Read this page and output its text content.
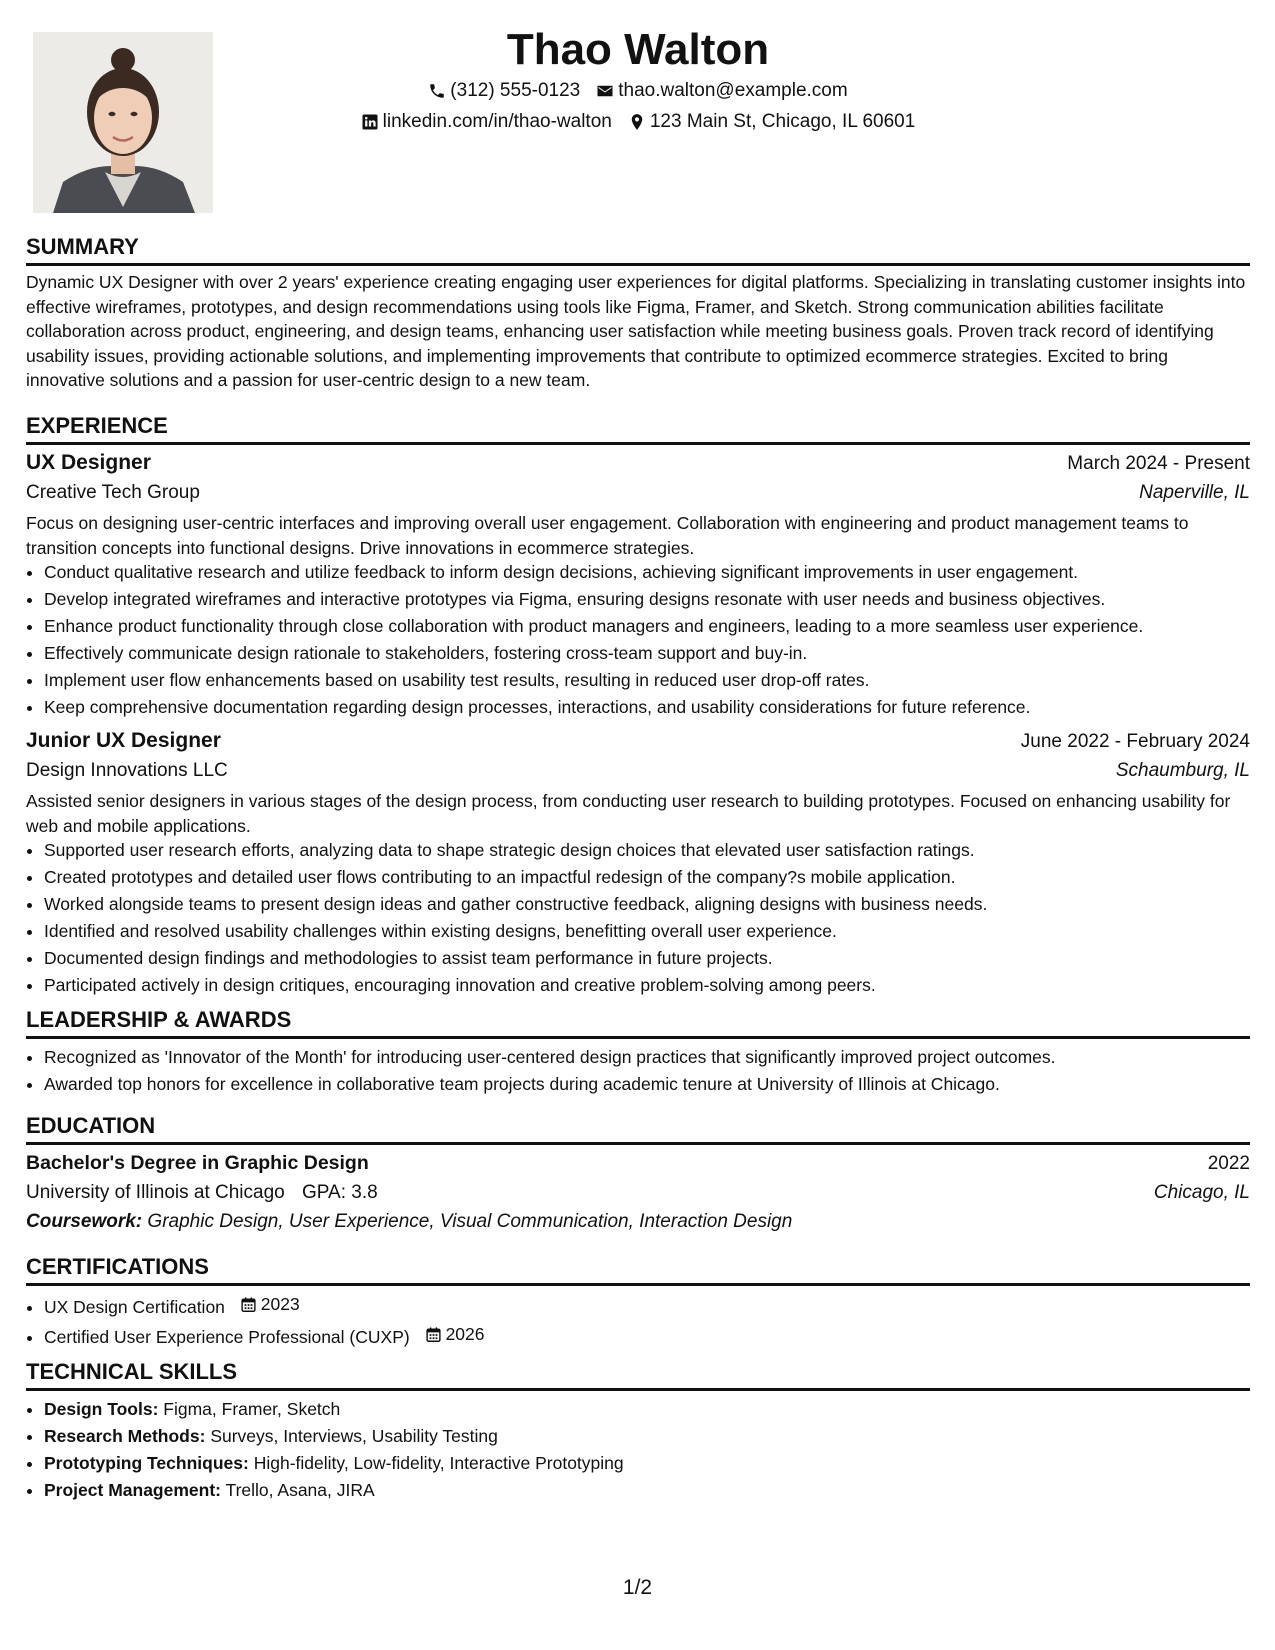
Thao Walton
(312) 555-0123 thao.walton@example.com
linkedin.com/in/thao-walton 123 Main St, Chicago, IL 60601
SUMMARY

Dynamic UX Designer with over 2 years' experience creating engaging user experiences for digital platforms. Specializing in translating customer insights into effective wireframes, prototypes, and design recommendations using tools like Figma, Framer, and Sketch. Strong communication abilities facilitate collaboration across product, engineering, and design teams, enhancing user satisfaction while meeting business goals. Proven track record of identifying usability issues, providing actionable solutions, and implementing improvements that contribute to optimized ecommerce strategies. Excited to bring innovative solutions and a passion for user-centric design to a new team.

EXPERIENCE
UX Designer	March 2024 - Present
Creative Tech Group	Naperville, IL

Focus on designing user-centric interfaces and improving overall user engagement. Collaboration with engineering and product management teams to transition concepts into functional designs. Drive innovations in ecommerce strategies.

• Conduct qualitative research and utilize feedback to inform design decisions, achieving significant improvements in user engagement.
• Develop integrated wireframes and interactive prototypes via Figma, ensuring designs resonate with user needs and business objectives.
• Enhance product functionality through close collaboration with product managers and engineers, leading to a more seamless user experience.
• Effectively communicate design rationale to stakeholders, fostering cross-team support and buy-in.
• Implement user flow enhancements based on usability test results, resulting in reduced user drop-off rates.
• Keep comprehensive documentation regarding design processes, interactions, and usability considerations for future reference.
Junior UX Designer	June 2022 - February 2024
Design Innovations LLC	Schaumburg, IL

Assisted senior designers in various stages of the design process, from conducting user research to building prototypes. Focused on enhancing usability for web and mobile applications.

• Supported user research efforts, analyzing data to shape strategic design choices that elevated user satisfaction ratings.
• Created prototypes and detailed user flows contributing to an impactful redesign of the company?s mobile application.
• Worked alongside teams to present design ideas and gather constructive feedback, aligning designs with business needs.
• Identified and resolved usability challenges within existing designs, benefitting overall user experience.
• Documented design findings and methodologies to assist team performance in future projects.
• Participated actively in design critiques, encouraging innovation and creative problem-solving among peers.
LEADERSHIP & AWARDS
• Recognized as 'Innovator of the Month' for introducing user-centered design practices that significantly improved project outcomes.
• Awarded top honors for excellence in collaborative team projects during academic tenure at University of Illinois at Chicago.
EDUCATION
Bachelor's Degree in Graphic Design	2022
University of Illinois at Chicago GPA: 3.8	Chicago, IL
Coursework: Graphic Design, User Experience, Visual Communication, Interaction Design
CERTIFICATIONS
• UX Design Certification 2023
• Certified User Experience Professional (CUXP) 2026
TECHNICAL SKILLS
• Design Tools: Figma, Framer, Sketch
• Research Methods: Surveys, Interviews, Usability Testing
• Prototyping Techniques: High-fidelity, Low-fidelity, Interactive Prototyping
• Project Management: Trello, Asana, JIRA
1/2
